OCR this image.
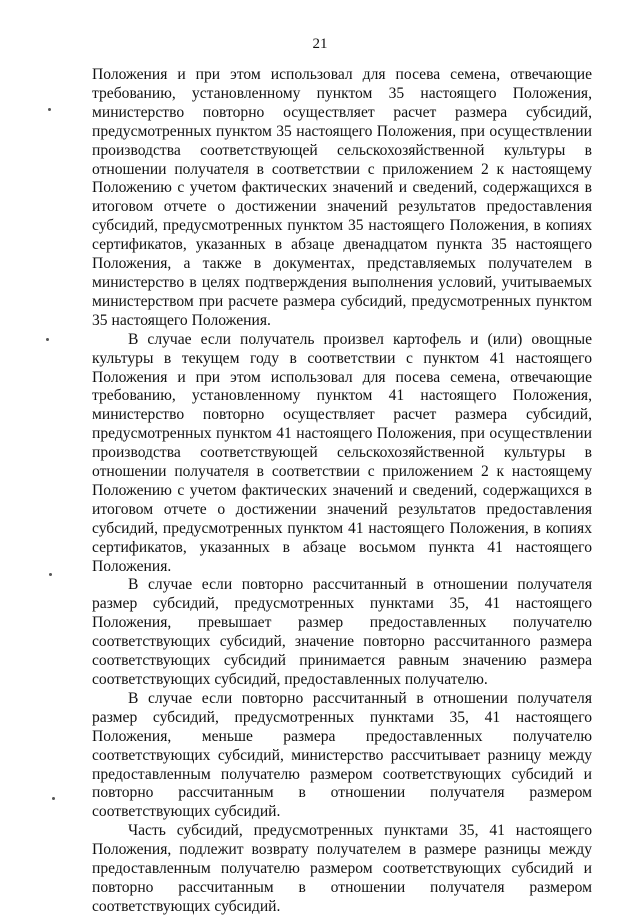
21

Положения и при этом использовал для посева семена, отвечающие требованию, установленному пунктом 35 настоящего Положения, министерство повторно осуществляет расчет размера субсидий, предусмотренных пунктом 35 настоящего Положения, при осуществлении производства соответствующей сельскохозяйственной культуры в отношении получателя в соответствии с приложением 2 к настоящему Положению с учетом фактических значений и сведений, содержащихся в итоговом отчете о достижении значений результатов предоставления субсидий, предусмотренных пунктом 35 настоящего Положения, в копиях сертификатов, указанных в абзаце двенадцатом пункта 35 настоящего Положения, а также в документах, представляемых получателем в министерство в целях подтверждения выполнения условий, учитываемых министерством при расчете размера субсидий, предусмотренных пунктом 35 настоящего Положения.

В случае если получатель произвел картофель и (или) овощные культуры в текущем году в соответствии с пунктом 41 настоящего Положения и при этом использовал для посева семена, отвечающие требованию, установленному пунктом 41 настоящего Положения, министерство повторно осуществляет расчет размера субсидий, предусмотренных пунктом 41 настоящего Положения, при осуществлении производства соответствующей сельскохозяйственной культуры в отношении получателя в соответствии с приложением 2 к настоящему Положению с учетом фактических значений и сведений, содержащихся в итоговом отчете о достижении значений результатов предоставления субсидий, предусмотренных пунктом 41 настоящего Положения, в копиях сертификатов, указанных в абзаце восьмом пункта 41 настоящего Положения.

В случае если повторно рассчитанный в отношении получателя размер субсидий, предусмотренных пунктами 35, 41 настоящего Положения, превышает размер предоставленных получателю соответствующих субсидий, значение повторно рассчитанного размера соответствующих субсидий принимается равным значению размера соответствующих субсидий, предоставленных получателю.

В случае если повторно рассчитанный в отношении получателя размер субсидий, предусмотренных пунктами 35, 41 настоящего Положения, меньше размера предоставленных получателю соответствующих субсидий, министерство рассчитывает разницу между предоставленным получателю размером соответствующих субсидий и повторно рассчитанным в отношении получателя размером соответствующих субсидий.

Часть субсидий, предусмотренных пунктами 35, 41 настоящего Положения, подлежит возврату получателем в размере разницы между предоставленным получателю размером соответствующих субсидий и повторно рассчитанным в отношении получателя размером соответствующих субсидий.
